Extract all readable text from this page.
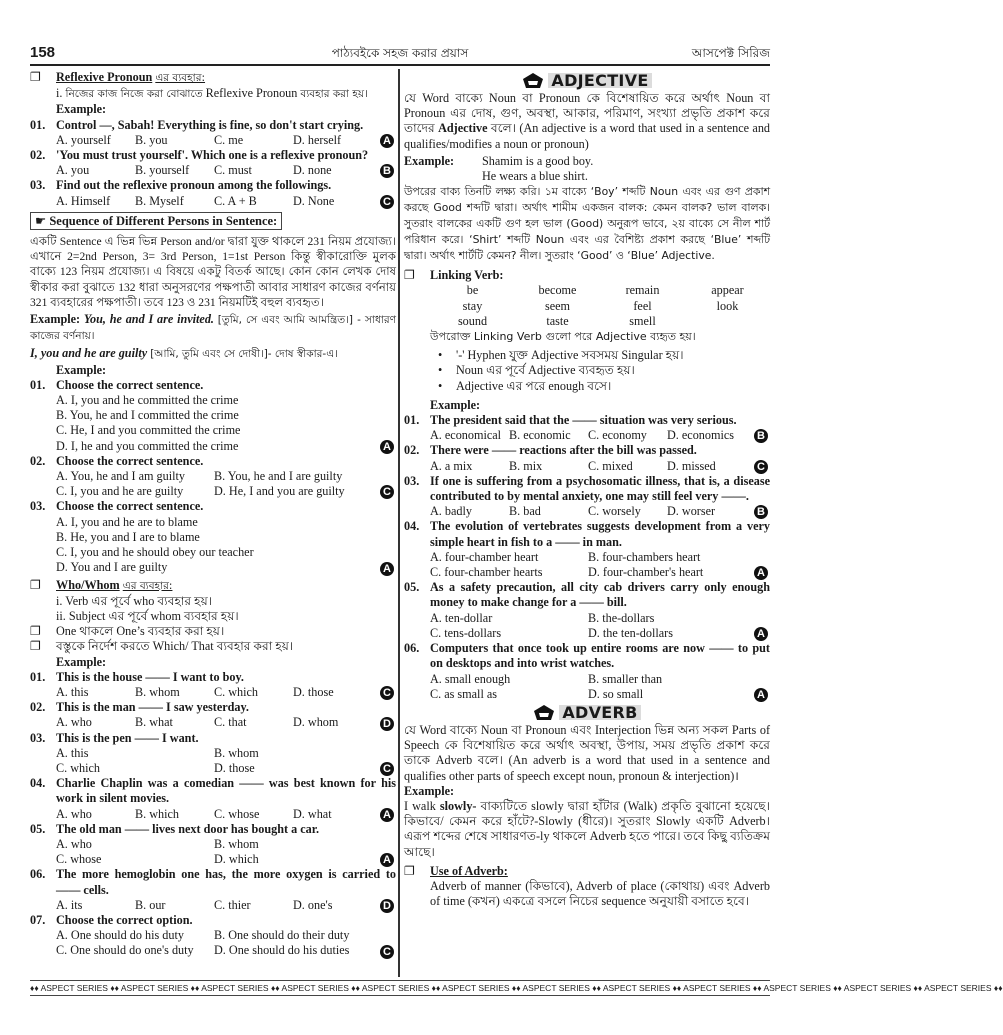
158	পাঠ্যবইকে সহজ করার প্রয়াস	আসপেক্ট সিরিজ
❐ Reflexive Pronoun এর ব্যবহার:
i. নিজের কাজ নিজে করা বোঝাতে Reflexive Pronoun ব্যবহার করা হয়।
Example:
01. Control —, Sabah! Everything is fine, so don't start crying.
A. yourself	B. you	C. me	D. herself	A
02. 'You must trust yourself'. Which one is a reflexive pronoun?
A. you	B. yourself	C. must	D. none	B
03. Find out the reflexive pronoun among the followings.
A. Himself	B. Myself	C. A + B	D. None	C
☛ Sequence of Different Persons in Sentence:
একটি Sentence এ ভিন্ন ভিন্ন Person and/or দ্বারা যুক্ত থাকলে 231 নিয়ম প্রযোজ্য। এখানে 2=2nd Person, 3= 3rd Person, 1=1st Person কিন্তু স্বীকারোক্তি মুলক বাক্যে 123 নিয়ম প্রযোজ্য। এ বিষয়ে একটু বিতর্ক আছে। কোন কোন লেখক দোষ স্বীকার করা বুঝাতে 132 ধারা অনুসরণের পক্ষপাতী আবার সাধারণ কাজের বর্ণনায় 321 ব্যবহারের পক্ষপাতী। তবে 123 ও 231 নিয়মটিই বহুল ব্যবহৃত।
Example: You, he and I are invited. [তুমি, সে এবং আমি আমন্ত্রিত।] - সাধারণ কাজের বর্ণনায়।
I, you and he are guilty [আমি, তুমি এবং সে দোষী।]- দোষ স্বীকার-এ।
Example:
01. Choose the correct sentence.
A. I, you and he committed the crime
B. You, he and I committed the crime
C. He, I and you committed the crime
D. I, he and you committed the crime	A
02. Choose the correct sentence.
A. You, he and I am guilty	B. You, he and I are guilty
C. I, you and he are guilty	D. He, I and you are guilty	C
03. Choose the correct sentence.
A. I, you and he are to blame
B. He, you and I are to blame
C. I, you and he should obey our teacher
D. You and I are guilty	A
❐ Who/Whom এর ব্যবহার:
i. Verb এর পূর্বে who ব্যবহার হয়।
ii. Subject এর পূর্বে whom ব্যবহার হয়।
❐ One থাকলে One’s ব্যবহার করা হয়।
❐ বস্তুকে নির্দেশ করতে Which/ That ব্যবহার করা হয়।
Example:
01. This is the house —— I want to boy.
A. this	B. whom	C. which	D. those	C
02. This is the man —— I saw yesterday.
A. who	B. what	C. that	D. whom	D
03. This is the pen —— I want.
A. this	B. whom
C. which	D. those	C
04. Charlie Chaplin was a comedian —— was best known for his work in silent movies.
A. who	B. which	C. whose	D. what	A
05. The old man —— lives next door has bought a car.
A. who	B. whom
C. whose	D. which	A
06. The more hemoglobin one has, the more oxygen is carried to —— cells.
A. its	B. our	C. thier	D. one's	D
07. Choose the correct option.
A. One should do his duty	B. One should do their duty
C. One should do one's duty	D. One should do his duties	C
ADJECTIVE
যে Word বাক্যে Noun বা Pronoun কে বিশেষায়িত করে অর্থাৎ Noun বা Pronoun এর দোষ, গুণ, অবস্থা, আকার, পরিমাণ, সংখ্যা প্রভৃতি প্রকাশ করে তাদের Adjective বলে। (An adjective is a word that used in a sentence and qualifies/modifies a noun or pronoun)
Example:	Shamim is a good boy.
He wears a blue shirt.
উপরের বাক্য তিনটি লক্ষ্য করি। ১ম বাক্যে ‘Boy’ শব্দটি Noun এবং এর গুণ প্রকাশ করছে Good শব্দটি দ্বারা। অর্থাৎ শামীম একজন বালক: কেমন বালক? ভাল বালক। সুতরাং বালকের একটি গুণ হল ভাল (Good) অনুরূপ ভাবে, ২য় বাক্যে সে নীল শার্ট পরিধান করে। ‘Shirt’ শব্দটি Noun এবং এর বৈশিষ্ট্য প্রকাশ করছে ‘Blue’ শব্দটি দ্বারা। অর্থাৎ শার্টটি কেমন? নীল। সুতরাং ‘Good’ ও ‘Blue’ Adjective.
❐ Linking Verb:
be	become	remain	appear
stay	seem	feel	look
sound	taste	smell
উপরোক্ত Linking Verb গুলো পরে Adjective ব্যহৃত হয়।
• '-' Hyphen যুক্ত Adjective সবসময় Singular হয়।
• Noun এর পূর্বে Adjective ব্যবহৃত হয়।
• Adjective এর পরে enough বসে।
Example:
01. The president said that the —— situation was very serious.
A. economical B. economic	C. economy	D. economics	B
02. There were —— reactions after the bill was passed.
A. a mix	B. mix	C. mixed	D. missed	C
03. If one is suffering from a psychosomatic illness, that is, a disease contributed to by mental anxiety, one may still feel very ——.
A. badly	B. bad	C. worsely	D. worser	B
04. The evolution of vertebrates suggests development from a very simple heart in fish to a —— in man.
A. four-chamber heart	B. four-chambers heart
C. four-chamber hearts	D. four-chamber's heart	A
05. As a safety precaution, all city cab drivers carry only enough money to make change for a —— bill.
A. ten-dollar	B. the-dollars
C. tens-dollars	D. the ten-dollars	A
06. Computers that once took up entire rooms are now —— to put on desktops and into wrist watches.
A. small enough	B. smaller than
C. as small as	D. so small	A
ADVERB
যে Word বাক্যে Noun বা Pronoun এবং Interjection ভিন্ন অন্য সকল Parts of Speech কে বিশেষায়িত করে অর্থাৎ অবস্থা, উপায়, সময় প্রভৃতি প্রকাশ করে তাকে Adverb বলে। (An adverb is a word that used in a sentence and qualifies other parts of speech except noun, pronoun & interjection)।
Example:
I walk slowly- বাক্যটিতে slowly দ্বারা হাঁটার (Walk) প্রকৃতি বুঝানো হয়েছে। কিভাবে/ কেমন করে হাঁটে?-Slowly (ধীরে)। সুতরাং Slowly একটি Adverb। এরূপ শব্দের শেষে সাধারণত-ly থাকলে Adverb হতে পারে। তবে কিছু ব্যতিক্রম আছে।
❐ Use of Adverb:
Adverb of manner (কিভাবে), Adverb of place (কোথায়) এবং Adverb of time (কখন) একত্রে বসলে নিচের sequence অনুযায়ী বসাতে হবে।
♦♦ ASPECT SERIES ♦♦ ASPECT SERIES ♦♦ ASPECT SERIES ♦♦ ASPECT SERIES ♦♦ ASPECT SERIES ♦♦ ASPECT SERIES ♦♦ ASPECT SERIES ♦♦ ASPECT SERIES ♦♦ ASPECT SERIES ♦♦ ASPECT SERIES ♦♦ ASPECT SERIES ♦♦ ASPECT SERIES ♦♦
